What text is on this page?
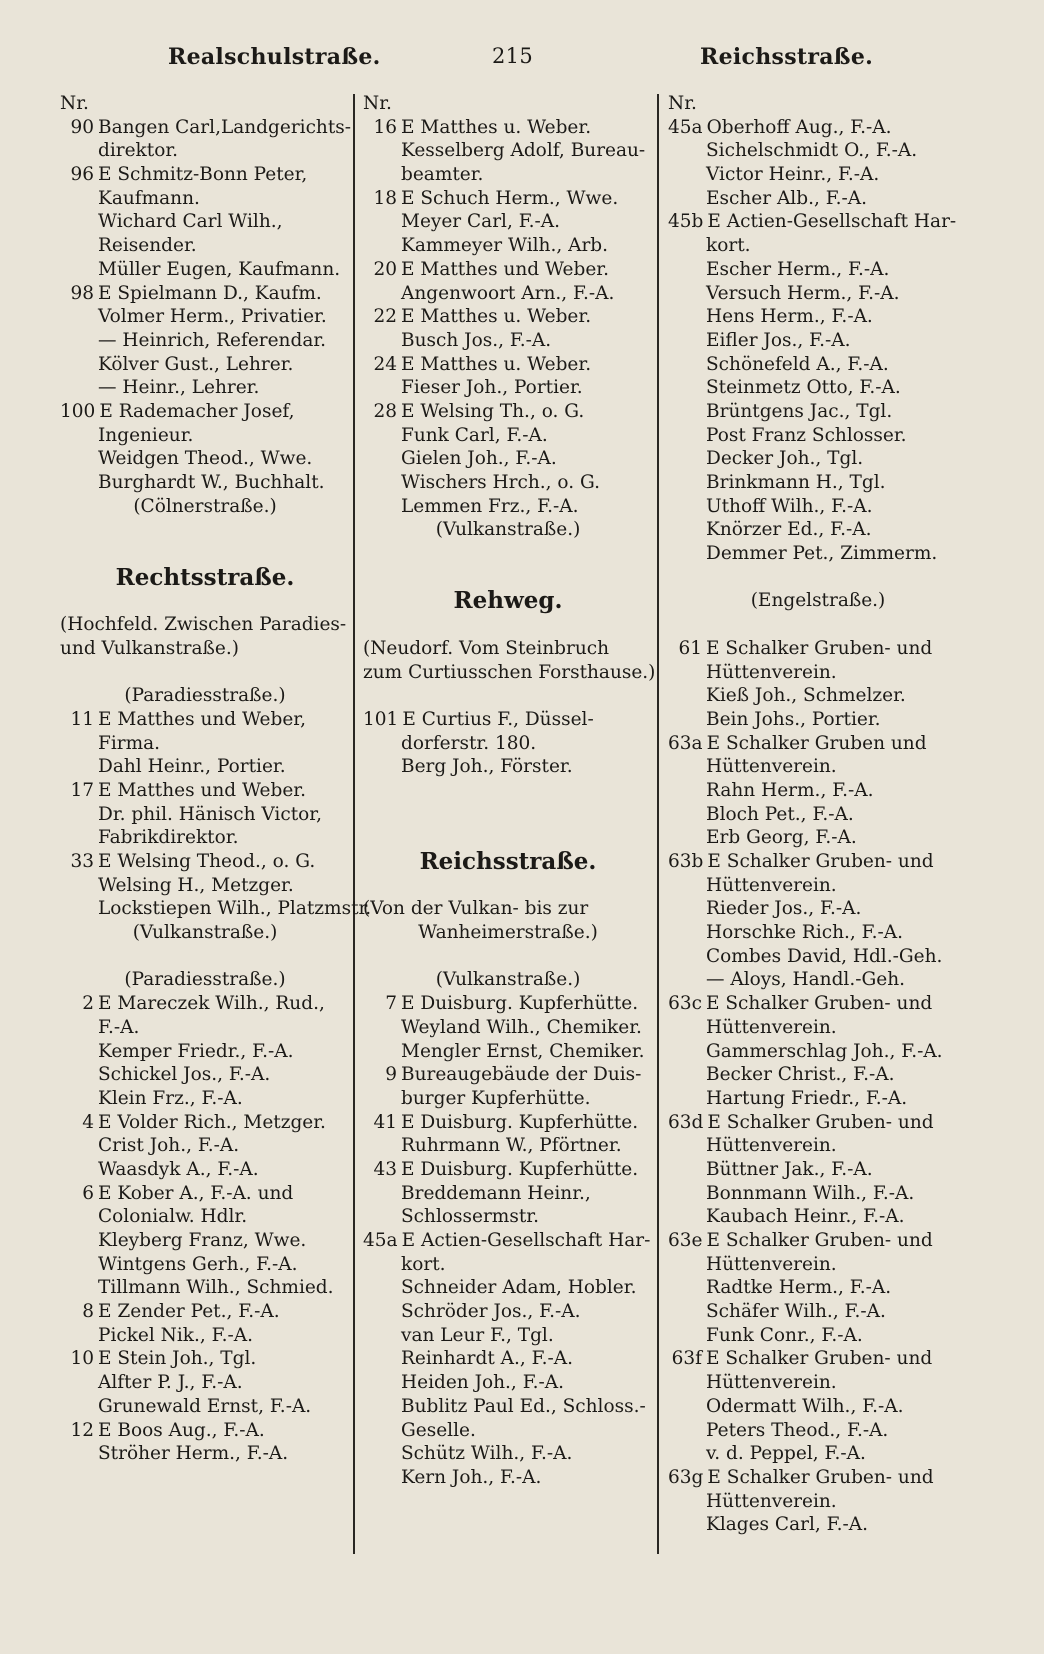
Realschulstraße.	215	Reichsstraße.
Nr.
90 Bangen Carl,Landgerichts-
direktor.
96 E Schmitz-Bonn Peter,
Kaufmann.
Wichard Carl Wilh.,
Reisender.
Müller Eugen, Kaufmann.
98 E Spielmann D., Kaufm.
Volmer Herm., Privatier.
— Heinrich, Referendar.
Kölver Gust., Lehrer.
— Heinr., Lehrer.
100 E Rademacher Josef,
Ingenieur.
Weidgen Theod., Wwe.
Burghardt W., Buchhalt.
(Cölnerstraße.)
Rechtsstraße.
(Hochfeld. Zwischen Paradies-
und Vulkanstraße.)
(Paradiesstraße.)
11 E Matthes und Weber,
Firma.
Dahl Heinr., Portier.
17 E Matthes und Weber.
Dr. phil. Hänisch Victor,
Fabrikdirektor.
33 E Welsing Theod., o. G.
Welsing H., Metzger.
Lockstiepen Wilh., Platzmstr.
(Vulkanstraße.)
(Paradiesstraße.)
2 E Mareczek Wilh., Rud.,
F.-A.
Kemper Friedr., F.-A.
Schickel Jos., F.-A.
Klein Frz., F.-A.
4 E Volder Rich., Metzger.
Crist Joh., F.-A.
Waasdyk A., F.-A.
6 E Kober A., F.-A. und
Colonialw. Hdlr.
Kleyberg Franz, Wwe.
Wintgens Gerh., F.-A.
Tillmann Wilh., Schmied.
8 E Zender Pet., F.-A.
Pickel Nik., F.-A.
10 E Stein Joh., Tgl.
Alfter P. J., F.-A.
Grunewald Ernst, F.-A.
12 E Boos Aug., F.-A.
Ströher Herm., F.-A.
Nr.
16 E Matthes u. Weber.
Kesselberg Adolf, Bureau-
beamter.
18 E Schuch Herm., Wwe.
Meyer Carl, F.-A.
Kammeyer Wilh., Arb.
20 E Matthes und Weber.
Angenwoort Arn., F.-A.
22 E Matthes u. Weber.
Busch Jos., F.-A.
24 E Matthes u. Weber.
Fieser Joh., Portier.
28 E Welsing Th., o. G.
Funk Carl, F.-A.
Gielen Joh., F.-A.
Wischers Hrch., o. G.
Lemmen Frz., F.-A.
(Vulkanstraße.)
Rehweg.
(Neudorf. Vom Steinbruch
zum Curtiusschen Forsthause.)
101 E Curtius F., Düssel-
dorferstr. 180.
Berg Joh., Förster.
Reichsstraße.
(Von der Vulkan- bis zur
Wanheimerstraße.)
(Vulkanstraße.)
7 E Duisburg. Kupferhütte.
Weyland Wilh., Chemiker.
Mengler Ernst, Chemiker.
9 Bureaugebäude der Duis-
burger Kupferhütte.
41 E Duisburg. Kupferhütte.
Ruhrmann W., Pförtner.
43 E Duisburg. Kupferhütte.
Breddemann Heinr.,
Schlossermstr.
45a E Actien-Gesellschaft Har-
kort.
Schneider Adam, Hobler.
Schröder Jos., F.-A.
van Leur F., Tgl.
Reinhardt A., F.-A.
Heiden Joh., F.-A.
Bublitz Paul Ed., Schloss.-
Geselle.
Schütz Wilh., F.-A.
Kern Joh., F.-A.
Nr.
45a Oberhoff Aug., F.-A.
Sichelschmidt O., F.-A.
Victor Heinr., F.-A.
Escher Alb., F.-A.
45b E Actien-Gesellschaft Har-
kort.
Escher Herm., F.-A.
Versuch Herm., F.-A.
Hens Herm., F.-A.
Eifler Jos., F.-A.
Schönefeld A., F.-A.
Steinmetz Otto, F.-A.
Brüntgens Jac., Tgl.
Post Franz Schlosser.
Decker Joh., Tgl.
Brinkmann H., Tgl.
Uthoff Wilh., F.-A.
Knörzer Ed., F.-A.
Demmer Pet., Zimmerm.
(Engelstraße.)
61 E Schalker Gruben- und
Hüttenverein.
Kieß Joh., Schmelzer.
Bein Johs., Portier.
63a E Schalker Gruben und
Hüttenverein.
Rahn Herm., F.-A.
Bloch Pet., F.-A.
Erb Georg, F.-A.
63b E Schalker Gruben- und
Hüttenverein.
Rieder Jos., F.-A.
Horschke Rich., F.-A.
Combes David, Hdl.-Geh.
— Aloys, Handl.-Geh.
63c E Schalker Gruben- und
Hüttenverein.
Gammerschlag Joh., F.-A.
Becker Christ., F.-A.
Hartung Friedr., F.-A.
63d E Schalker Gruben- und
Hüttenverein.
Büttner Jak., F.-A.
Bonnmann Wilh., F.-A.
Kaubach Heinr., F.-A.
63e E Schalker Gruben- und
Hüttenverein.
Radtke Herm., F.-A.
Schäfer Wilh., F.-A.
Funk Conr., F.-A.
63f E Schalker Gruben- und
Hüttenverein.
Odermatt Wilh., F.-A.
Peters Theod., F.-A.
v. d. Peppel, F.-A.
63g E Schalker Gruben- und
Hüttenverein.
Klages Carl, F.-A.
